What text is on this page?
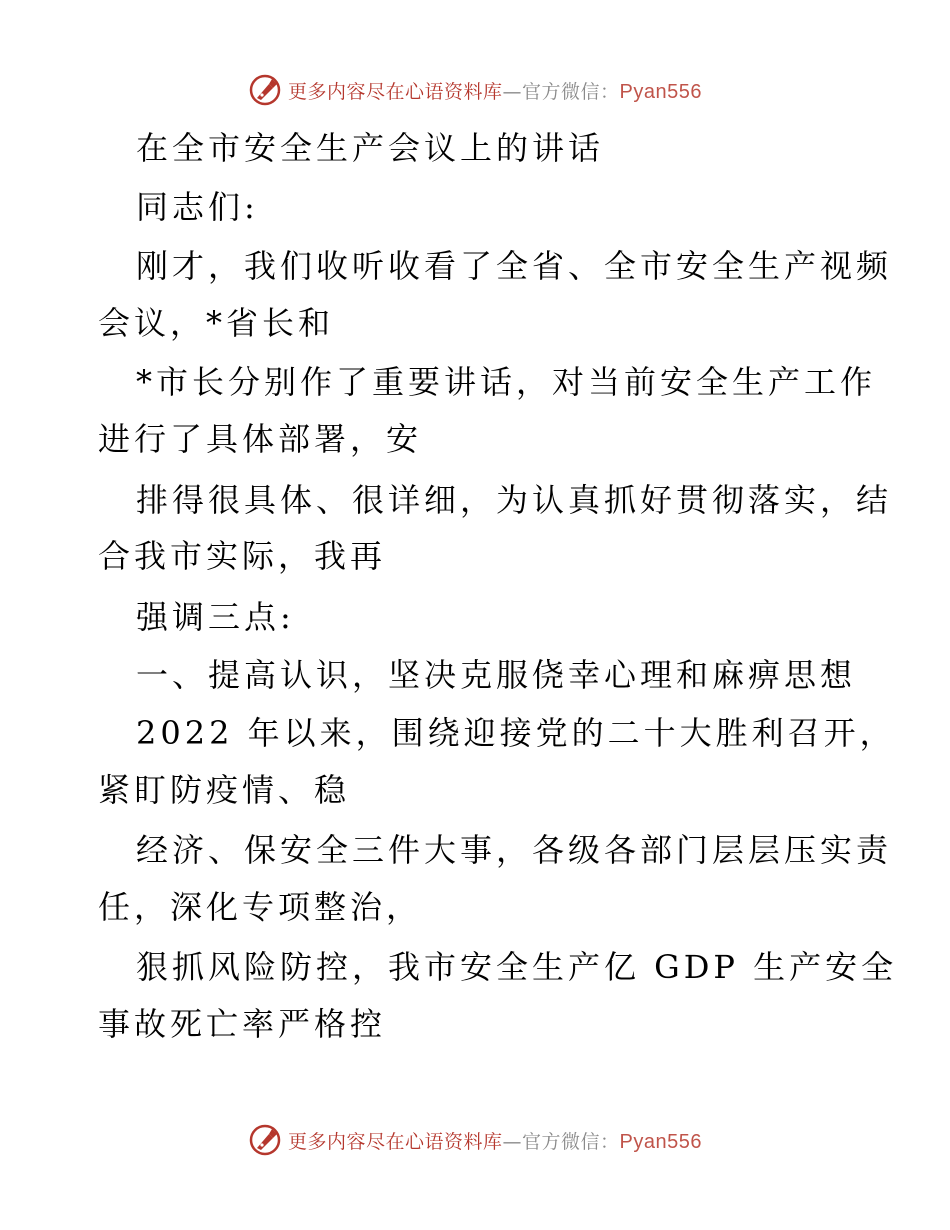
更多内容尽在心语资料库—官方微信：Pyan556
在全市安全生产会议上的讲话
同志们:
刚才，我们收听收看了全省、全市安全生产视频
会议，*省长和
*市长分别作了重要讲话，对当前安全生产工作
进行了具体部署，安
排得很具体、很详细，为认真抓好贯彻落实，结
合我市实际，我再
强调三点:
一、提高认识，坚决克服侥幸心理和麻痹思想
2022 年以来，围绕迎接党的二十大胜利召开，
紧盯防疫情、稳
经济、保安全三件大事，各级各部门层层压实责
任，深化专项整治，
狠抓风险防控，我市安全生产亿 GDP 生产安全
事故死亡率严格控
更多内容尽在心语资料库—官方微信：Pyan556
